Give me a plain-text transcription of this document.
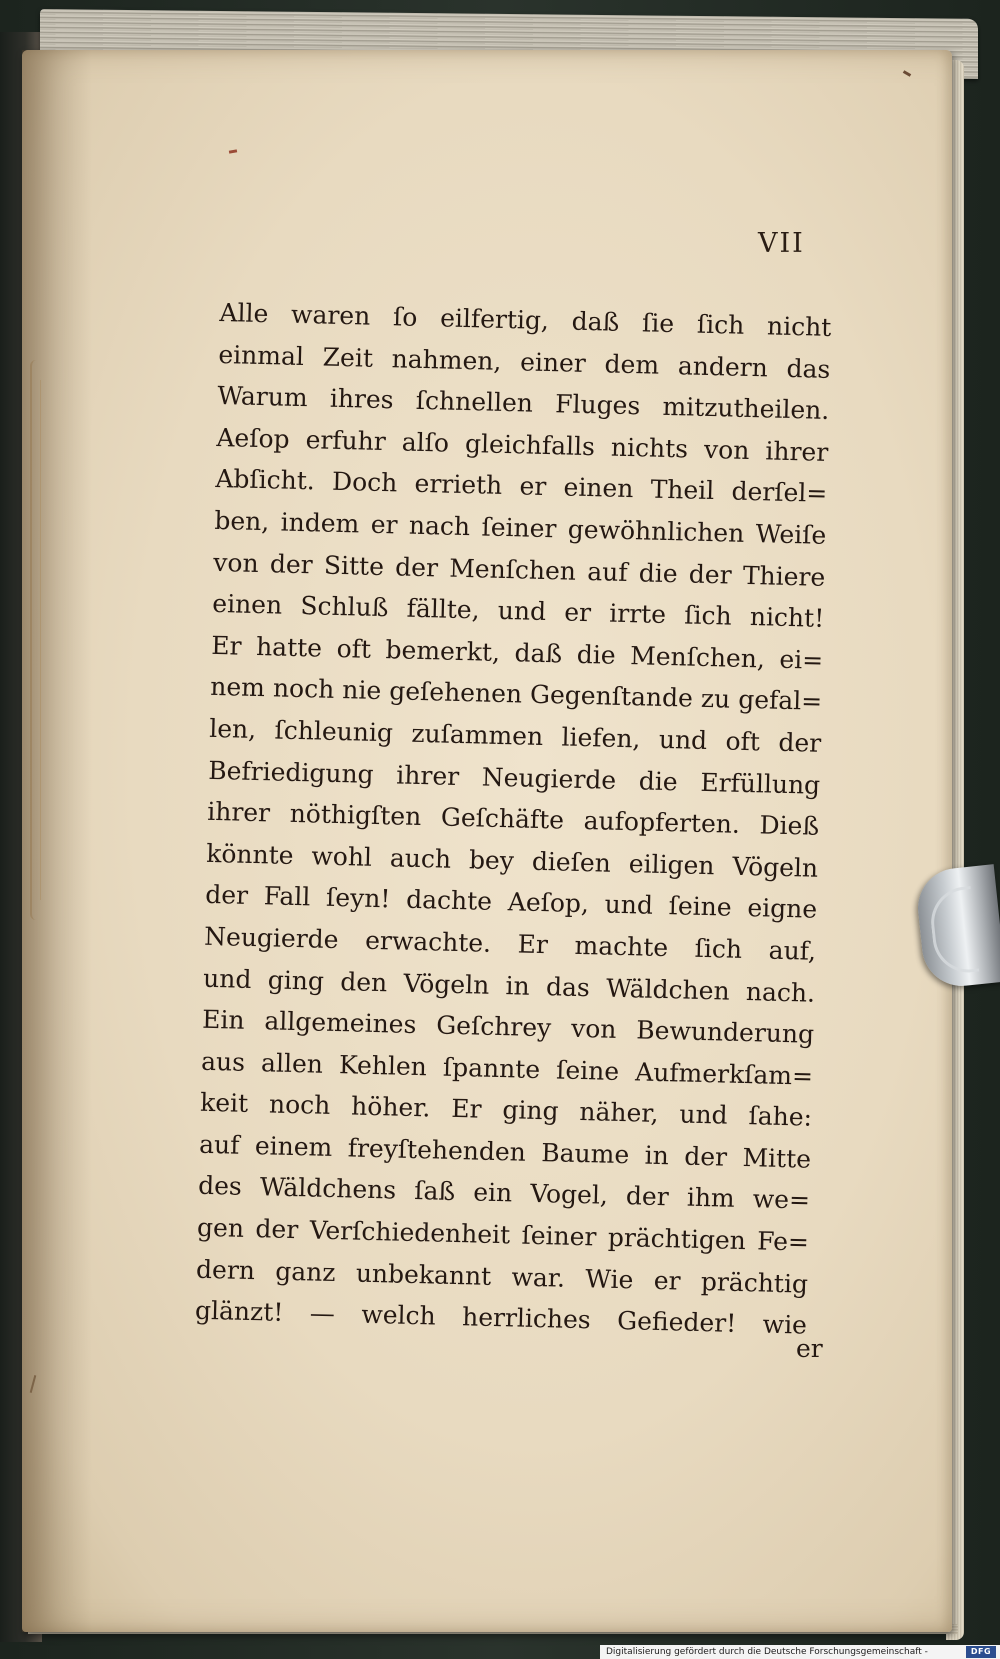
VII
Alle waren ſo eilfertig, daß ſie ſich nicht
einmal Zeit nahmen, einer dem andern das
Warum ihres ſchnellen Fluges mitzutheilen.
Aeſop erfuhr alſo gleichfalls nichts von ihrer
Abſicht. Doch errieth er einen Theil derſel=
ben, indem er nach ſeiner gewöhnlichen Weiſe
von der Sitte der Menſchen auf die der Thiere
einen Schluß fällte, und er irrte ſich nicht!
Er hatte oft bemerkt, daß die Menſchen, ei=
nem noch nie geſehenen Gegenſtande zu gefal=
len, ſchleunig zuſammen liefen, und oft der
Befriedigung ihrer Neugierde die Erfüllung
ihrer nöthigſten Geſchäfte aufopferten. Dieß
könnte wohl auch bey dieſen eiligen Vögeln
der Fall ſeyn! dachte Aeſop, und ſeine eigne
Neugierde erwachte. Er machte ſich auf,
und ging den Vögeln in das Wäldchen nach.
Ein allgemeines Geſchrey von Bewunderung
aus allen Kehlen ſpannte ſeine Aufmerkſam=
keit noch höher. Er ging näher, und ſahe:
auf einem freyſtehenden Baume in der Mitte
des Wäldchens ſaß ein Vogel, der ihm we=
gen der Verſchiedenheit ſeiner prächtigen Fe=
dern ganz unbekannt war. Wie er prächtig
glänzt! — welch herrliches Gefieder! wie
er
Digitalisierung gefördert durch die Deutsche Forschungsgemeinschaft -	DFG
